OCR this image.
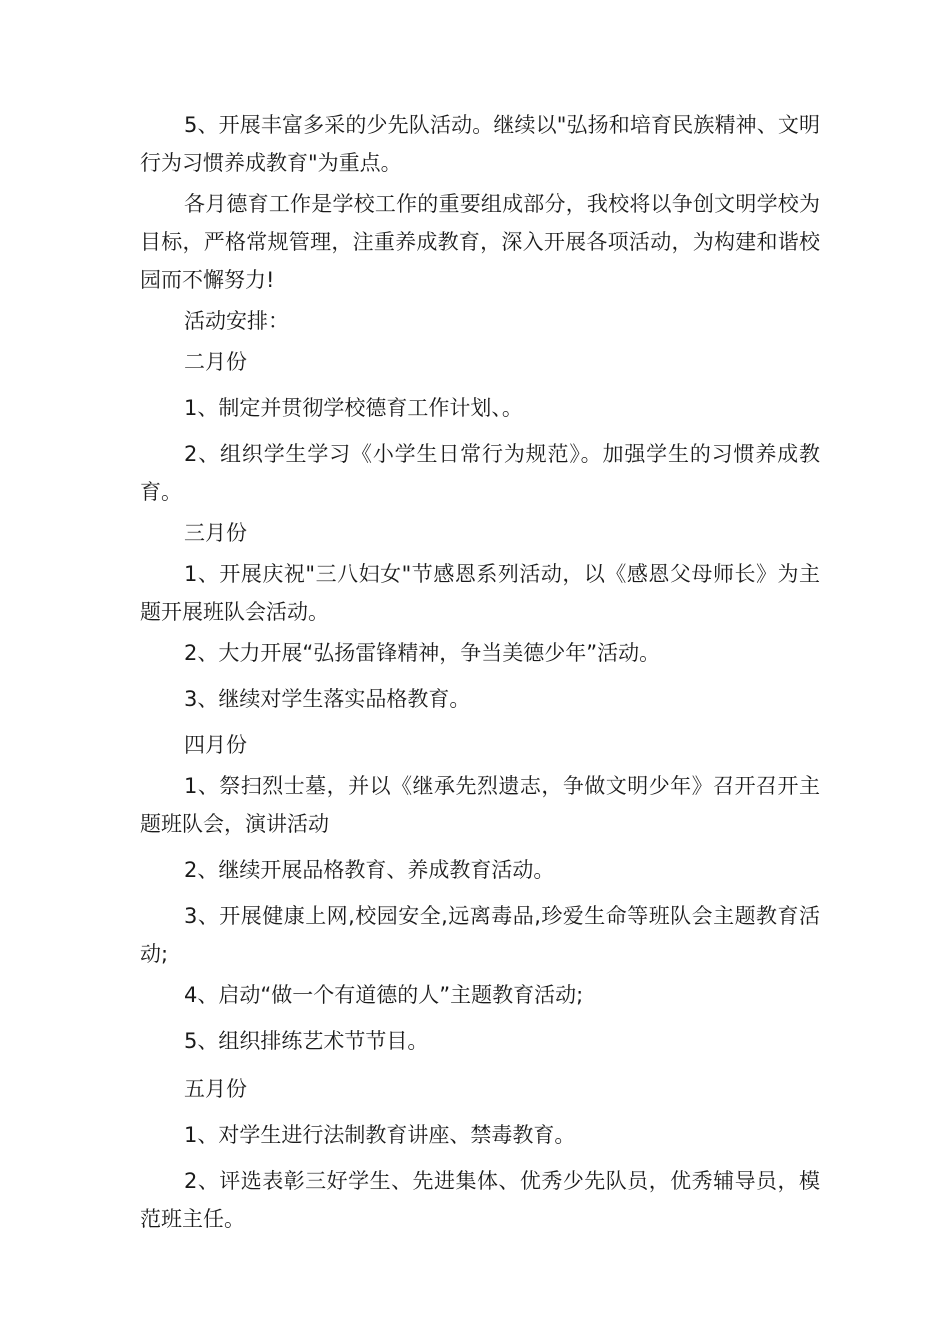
5、开展丰富多采的少先队活动。继续以"弘扬和培育民族精神、文明行为习惯养成教育"为重点。

各月德育工作是学校工作的重要组成部分，我校将以争创文明学校为目标，严格常规管理，注重养成教育，深入开展各项活动，为构建和谐校园而不懈努力!

活动安排：

二月份

1、制定并贯彻学校德育工作计划、。

2、组织学生学习《小学生日常行为规范》。加强学生的习惯养成教育。

三月份

1、开展庆祝"三八妇女"节感恩系列活动，以《感恩父母师长》为主题开展班队会活动。

2、大力开展“弘扬雷锋精神，争当美德少年”活动。

3、继续对学生落实品格教育。

四月份

1、祭扫烈士墓，并以《继承先烈遗志，争做文明少年》召开召开主题班队会，演讲活动

2、继续开展品格教育、养成教育活动。

3、开展健康上网,校园安全,远离毒品,珍爱生命等班队会主题教育活动;

4、启动“做一个有道德的人”主题教育活动;

5、组织排练艺术节节目。

五月份

1、对学生进行法制教育讲座、禁毒教育。

2、评选表彰三好学生、先进集体、优秀少先队员，优秀辅导员，模范班主任。
